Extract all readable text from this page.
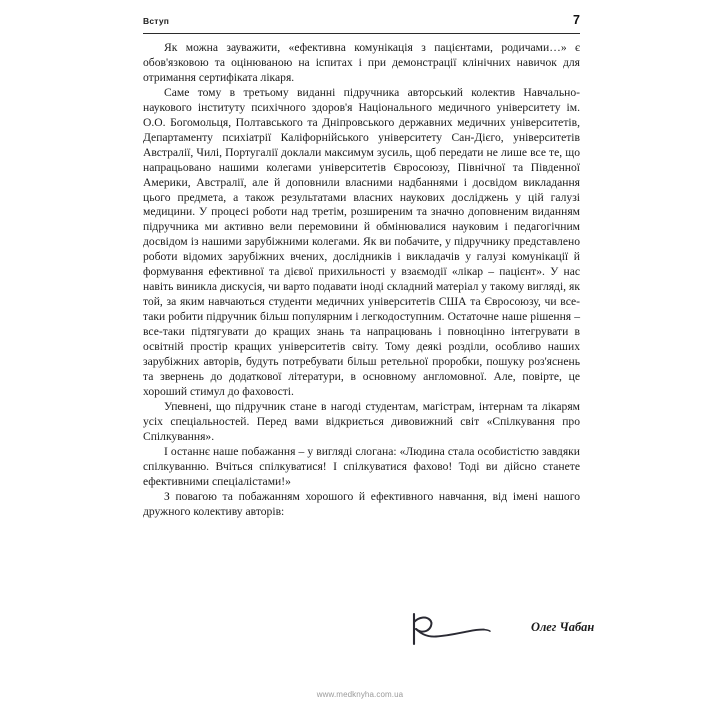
Вступ	7

Як можна зауважити, «ефективна комунікація з пацієнтами, родичами…» є обов'язковою та оцінюваною на іспитах і при демонстрації клінічних навичок для отримання сертифіката лікаря.

Саме тому в третьому виданні підручника авторський колектив Навчально-наукового інституту психічного здоров'я Національного медичного університету ім. О.О. Богомольця, Полтавського та Дніпровського державних медичних університетів, Департаменту психіатрії Каліфорнійського університету Сан-Дієго, університетів Австралії, Чилі, Португалії доклали максимум зусиль, щоб передати не лише все те, що напрацьовано нашими колегами університетів Євросоюзу, Північної та Південної Америки, Австралії, але й доповнили власними надбаннями і досвідом викладання цього предмета, а також результатами власних наукових досліджень у цій галузі медицини. У процесі роботи над третім, розширеним та значно доповненим виданням підручника ми активно вели перемовини й обмінювалися науковим і педагогічним досвідом із нашими зарубіжними колегами. Як ви побачите, у підручнику представлено роботи відомих зарубіжних вчених, дослідників і викладачів у галузі комунікації й формування ефективної та дієвої прихильності у взаємодії «лікар – пацієнт». У нас навіть виникла дискусія, чи варто подавати іноді складний матеріал у такому вигляді, як той, за яким навчаються студенти медичних університетів США та Євросоюзу, чи все-таки робити підручник більш популярним і легкодоступним. Остаточне наше рішення – все-таки підтягувати до кращих знань та напрацювань і повноцінно інтегрувати в освітній простір кращих університетів світу. Тому деякі розділи, особливо наших зарубіжних авторів, будуть потребувати більш ретельної проробки, пошуку роз'яснень та звернень до додаткової літератури, в основному англомовної. Але, повірте, це хороший стимул до фаховості.

Упевнені, що підручник стане в нагоді студентам, магістрам, інтернам та лікарям усіх спеціальностей. Перед вами відкриється дивовижний світ «Спілкування про Спілкування».

І останнє наше побажання – у вигляді слогана: «Людина стала особистістю завдяки спілкуванню. Вчіться спілкуватися! І спілкуватися фахово! Тоді ви дійсно станете ефективними спеціалістами!»

З повагою та побажанням хорошого й ефективного навчання, від імені нашого дружного колективу авторів:

Олег Чабан
www.medknyha.com.ua
